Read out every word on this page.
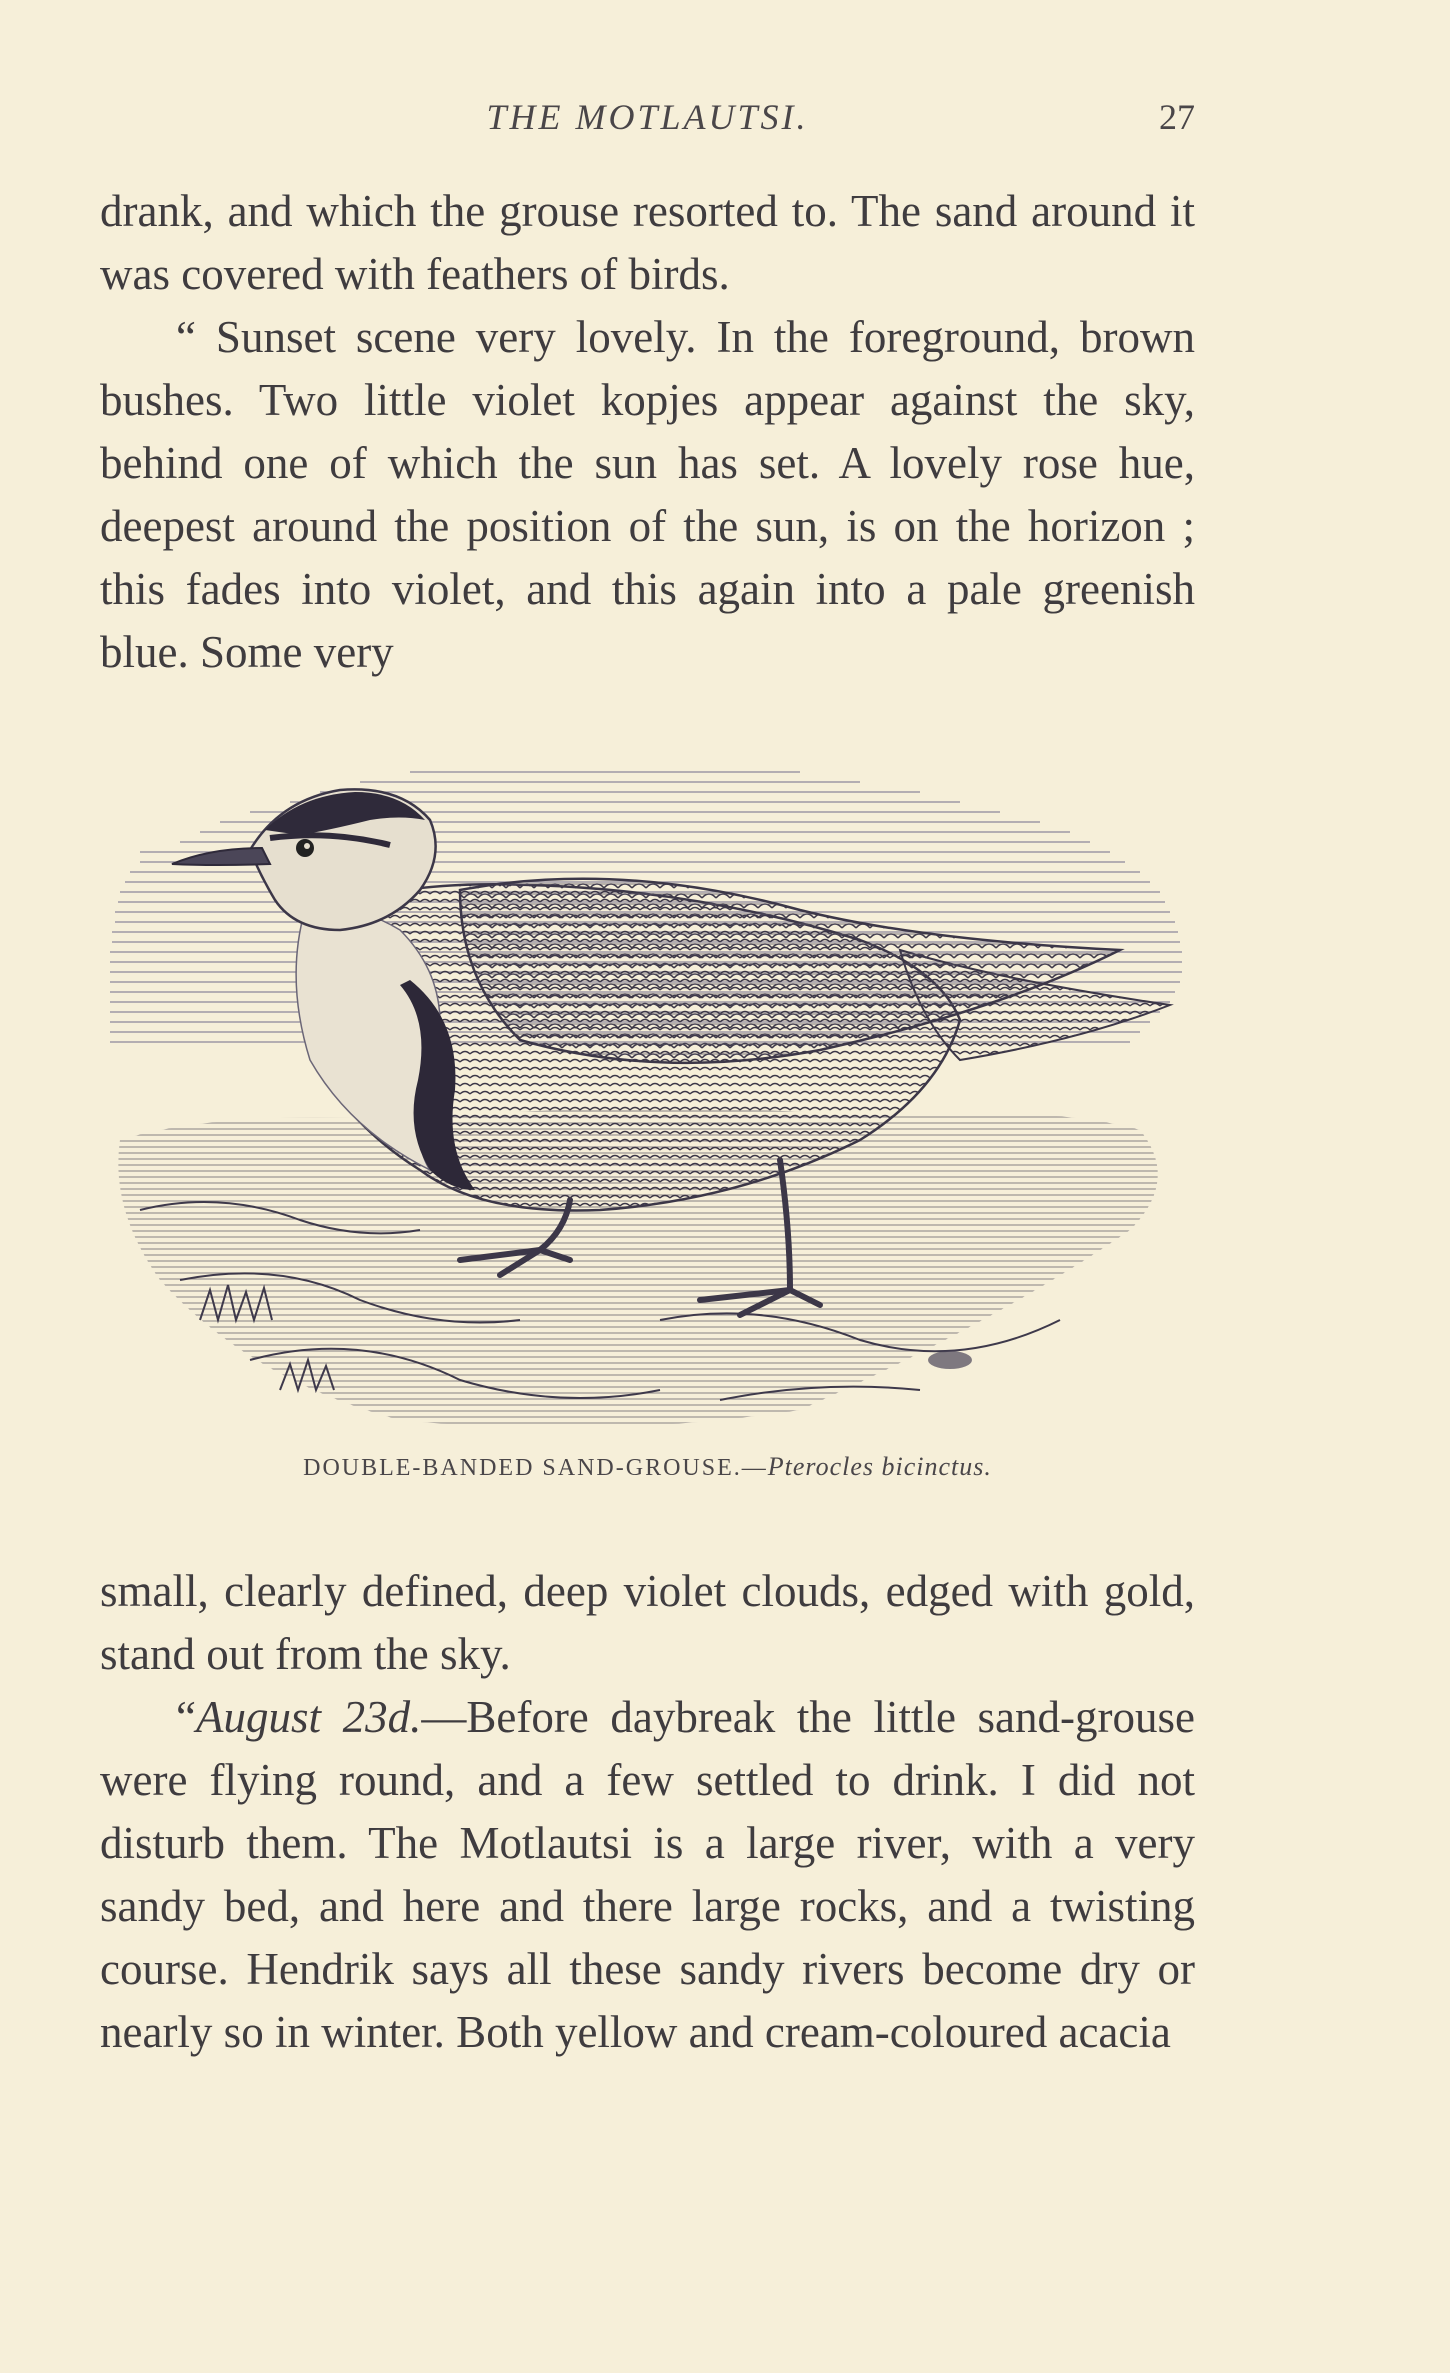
THE MOTLAUTSI.	27

drank, and which the grouse resorted to. The sand around it was covered with feathers of birds.

“ Sunset scene very lovely. In the foreground, brown bushes. Two little violet kopjes appear against the sky, behind one of which the sun has set. A lovely rose hue, deepest around the position of the sun, is on the horizon ; this fades into violet, and this again into a pale greenish blue. Some very

DOUBLE-BANDED SAND-GROUSE.—Pterocles bicinctus.

small, clearly defined, deep violet clouds, edged with gold, stand out from the sky.

“August 23d.—Before daybreak the little sand-grouse were flying round, and a few settled to drink. I did not disturb them. The Motlautsi is a large river, with a very sandy bed, and here and there large rocks, and a twisting course. Hendrik says all these sandy rivers become dry or nearly so in winter. Both yellow and cream-coloured acacia
